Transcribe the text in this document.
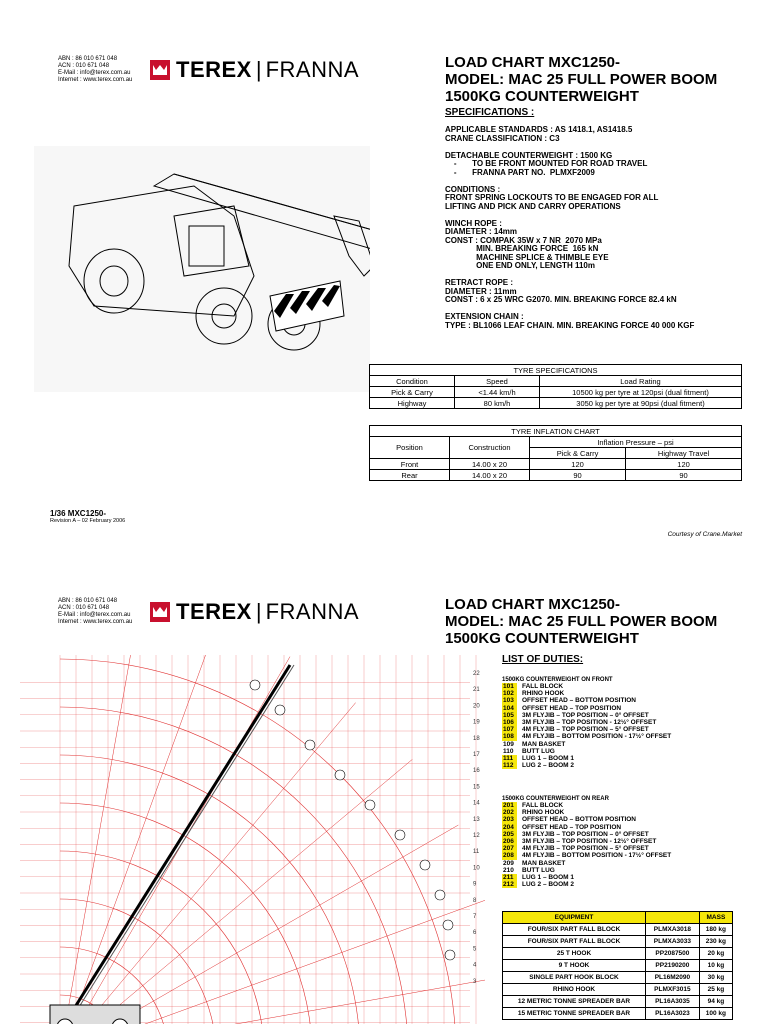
ABN : 86 010 671 048
ACN : 010 671 048
E-Mail : info@terex.com.au
Internet : www.terex.com.au TEREX | FRANNA	LOAD CHART MXC1250-
MODEL: MAC 25 FULL POWER BOOM
1500KG COUNTERWEIGHT
SPECIFICATIONS :
APPLICABLE STANDARDS : AS 1418.1, AS1418.5
CRANE CLASSIFICATION : C3
DETACHABLE COUNTERWEIGHT : 1500 KG
-       TO BE FRONT MOUNTED FOR ROAD TRAVEL
-       FRANNA PART NO.  PLMXF2009
CONDITIONS :
FRONT SPRING LOCKOUTS TO BE ENGAGED FOR ALL
LIFTING AND PICK AND CARRY OPERATIONS
WINCH ROPE :
DIAMETER : 14mm
CONST : COMPAK 35W x 7 NR  2070 MPa
MIN. BREAKING FORCE  165 kN
MACHINE SPLICE & THIMBLE EYE
ONE END ONLY, LENGTH 110m
RETRACT ROPE :
DIAMETER : 11mm
CONST : 6 x 25 WRC G2070. MIN. BREAKING FORCE 82.4 kN
EXTENSION CHAIN :
TYPE : BL1066 LEAF CHAIN. MIN. BREAKING FORCE 40 000 KGF
TYRE SPECIFICATIONS		
Condition	Speed	Load Rating
Pick & Carry	<1.44 km/h	10500 kg per tyre at 120psi (dual fitment)
Highway	80 km/h	3050 kg per tyre at 90psi (dual fitment)
TYRE INFLATION CHART			
Position	Construction	Inflation Pressure – psi	
		Pick & Carry	Highway Travel
Front	14.00 x 20	120	120
Rear	14.00 x 20	90	90
1/36 MXC1250-
Revision A – 02 February 2006
Courtesy of Crane.Market
ABN : 86 010 671 048
ACN : 010 671 048
E-Mail : info@terex.com.au
Internet : www.terex.com.au TEREX | FRANNA	LOAD CHART MXC1250-
MODEL: MAC 25 FULL POWER BOOM
1500KG COUNTERWEIGHT
LIST OF DUTIES:
1500KG COUNTERWEIGHT ON FRONT
101	FALL BLOCK
102	RHINO HOOK
103	OFFSET HEAD – BOTTOM POSITION
104	OFFSET HEAD – TOP POSITION
105	3M FLYJIB – TOP POSITION – 0° OFFSET
106	3M FLYJIB – TOP POSITION - 12½° OFFSET
107	4M FLYJIB – TOP POSITION – 5° OFFSET
108	4M FLYJIB – BOTTOM POSITION - 17½° OFFSET
109	MAN BASKET
110	BUTT LUG
111	LUG 1 – BOOM 1
112	LUG 2 – BOOM 2
1500KG COUNTERWEIGHT ON REAR
201	FALL BLOCK
202	RHINO HOOK
203	OFFSET HEAD – BOTTOM POSITION
204	OFFSET HEAD – TOP POSITION
205	3M FLYJIB – TOP POSITION – 0° OFFSET
206	3M FLYJIB – TOP POSITION - 12½° OFFSET
207	4M FLYJIB – TOP POSITION – 5° OFFSET
208	4M FLYJIB – BOTTOM POSITION - 17½° OFFSET
209	MAN BASKET
210	BUTT LUG
211	LUG 1 – BOOM 1
212	LUG 2 – BOOM 2
EQUIPMENT		MASS
FOUR/SIX PART FALL BLOCK	PLMXA3018	180 kg
FOUR/SIX PART FALL BLOCK	PLMXA3033	230 kg
25 T HOOK	PP2087500	20 kg
9 T HOOK	PP2190200	10 kg
SINGLE PART HOOK BLOCK	PL16M2090	30 kg
RHINO HOOK	PLMXF3015	25 kg
12 METRIC TONNE SPREADER BAR	PL16A3035	94 kg
15 METRIC TONNE SPREADER BAR	PL16A3023	100 kg
22
21
20
19
18
17
16
15
14
13
12
11
10
9
8
7
6
5
4
3
